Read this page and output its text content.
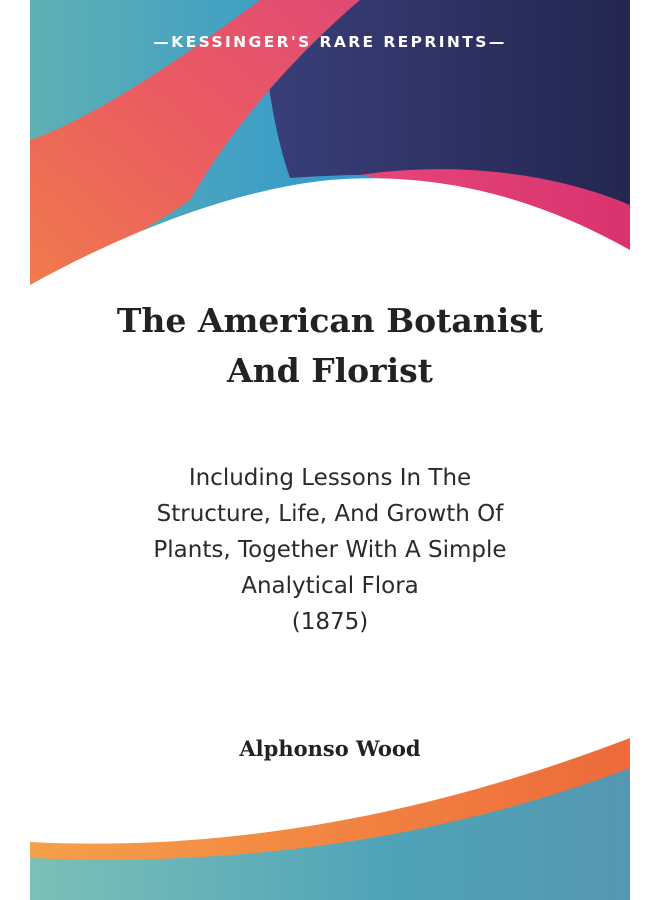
—KESSINGER'S RARE REPRINTS—
The American Botanist
And Florist
Including Lessons In The
Structure, Life, And Growth Of
Plants, Together With A Simple
Analytical Flora
(1875)
Alphonso Wood
